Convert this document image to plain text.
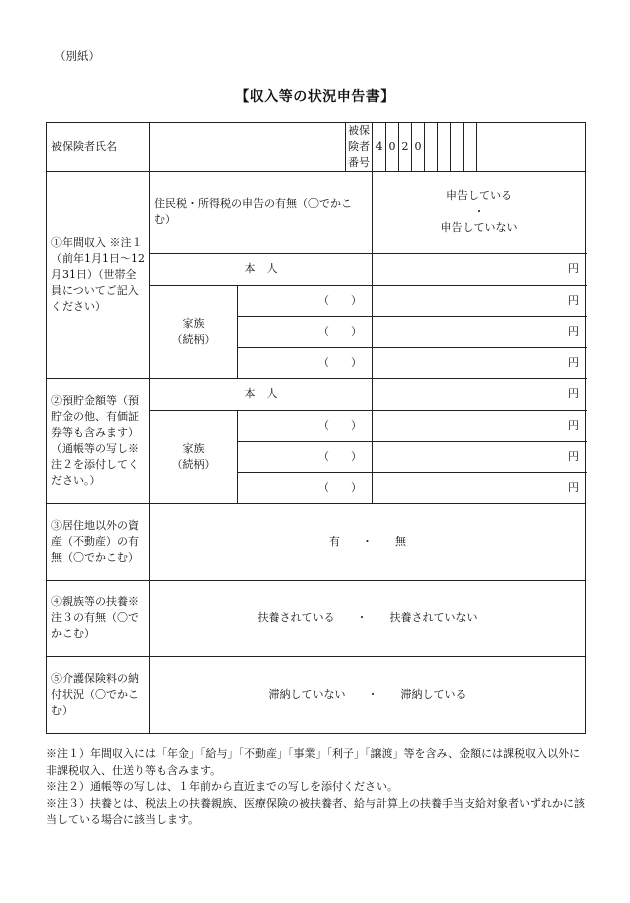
（別紙）
【収入等の状況申告書】
被保険者氏名			被保険者番号	4	0	2	0					
①年間収入 ※注１（前年1月1日～12月31日）（世帯全員についてご記入ください）	住民税・所得税の申告の有無（〇でかこむ）			申告している
・
申告していない								

	本　人			円								

	家族
（続柄）	（　　）		円								
		（　　）		円								
		（　　）		円								
②預貯金額等（預貯金の他、有価証券等も含みます）（通帳等の写し※注２を添付してください。）	本　人			円								

	家族
（続柄）	（　　）		円								
		（　　）		円								
		（　　）		円								
③居住地以外の資産（不動産）の有無（〇でかこむ）	有　　・　　無											
④親族等の扶養※注３の有無（〇でかこむ）	扶養されている　　・　　扶養されていない											
⑤介護保険料の納付状況（〇でかこむ）	滞納していない　　・　　滞納している											

※注１）年間収入には「年金」「給与」「不動産」「事業」「利子」「譲渡」等を含み、金額には課税収入以外に非課税収入、仕送り等も含みます。

※注２）通帳等の写しは、１年前から直近までの写しを添付ください。

※注３）扶養とは、税法上の扶養親族、医療保険の被扶養者、給与計算上の扶養手当支給対象者いずれかに該当している場合に該当します。
